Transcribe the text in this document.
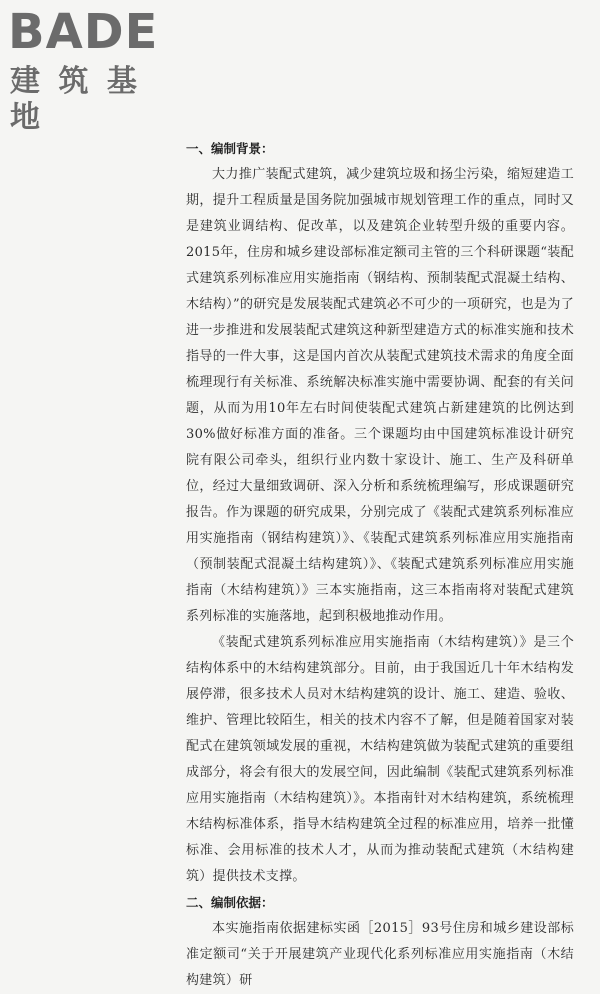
BADE
建 筑 基 地
一、编制背景：

大力推广装配式建筑，减少建筑垃圾和扬尘污染，缩短建造工期，提升工程质量是国务院加强城市规划管理工作的重点，同时又是建筑业调结构、促改革，以及建筑企业转型升级的重要内容。2015年，住房和城乡建设部标准定额司主管的三个科研课题“装配式建筑系列标准应用实施指南（钢结构、预制装配式混凝土结构、木结构）”的研究是发展装配式建筑必不可少的一项研究，也是为了进一步推进和发展装配式建筑这种新型建造方式的标准实施和技术指导的一件大事，这是国内首次从装配式建筑技术需求的角度全面梳理现行有关标准、系统解决标准实施中需要协调、配套的有关问题，从而为用10年左右时间使装配式建筑占新建建筑的比例达到30%做好标准方面的准备。三个课题均由中国建筑标准设计研究院有限公司牵头，组织行业内数十家设计、施工、生产及科研单位，经过大量细致调研、深入分析和系统梳理编写，形成课题研究报告。作为课题的研究成果，分别完成了《装配式建筑系列标准应用实施指南（钢结构建筑）》、《装配式建筑系列标准应用实施指南（预制装配式混凝土结构建筑）》、《装配式建筑系列标准应用实施指南（木结构建筑）》三本实施指南，这三本指南将对装配式建筑系列标准的实施落地，起到积极地推动作用。

《装配式建筑系列标准应用实施指南（木结构建筑）》是三个结构体系中的木结构建筑部分。目前，由于我国近几十年木结构发展停滞，很多技术人员对木结构建筑的设计、施工、建造、验收、维护、管理比较陌生，相关的技术内容不了解，但是随着国家对装配式在建筑领域发展的重视，木结构建筑做为装配式建筑的重要组成部分，将会有很大的发展空间，因此编制《装配式建筑系列标准应用实施指南（木结构建筑）》。本指南针对木结构建筑，系统梳理木结构标准体系，指导木结构建筑全过程的标准应用，培养一批懂标准、会用标准的技术人才，从而为推动装配式建筑（木结构建筑）提供技术支撑。

二、编制依据：

本实施指南依据建标实函［2015］93号住房和城乡建设部标准定额司“关于开展建筑产业现代化系列标准应用实施指南（木结构建筑）研
